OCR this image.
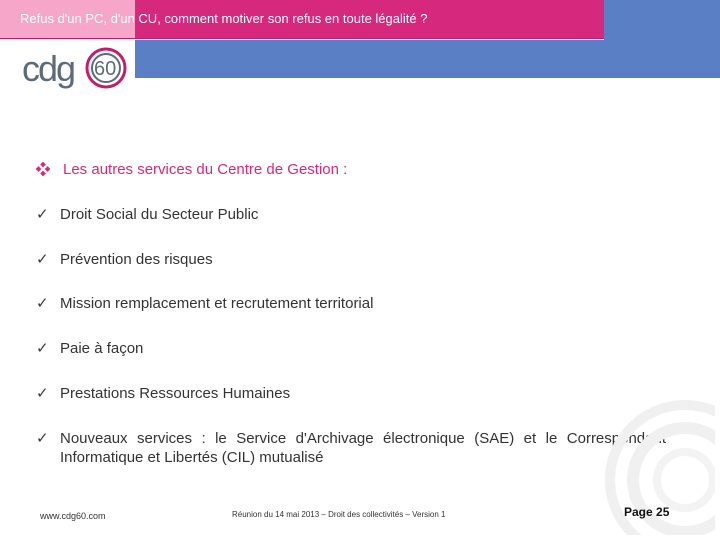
Refus d'un PC, d'un CU, comment motiver son refus en toute légalité ?
cdg 60
Les autres services du Centre de Gestion :
✓ Droit Social du Secteur Public
✓ Prévention des risques
✓ Mission remplacement et recrutement territorial
✓ Paie à façon
✓ Prestations Ressources Humaines
✓ Nouveaux services : le Service d'Archivage électronique (SAE) et le Correspondant Informatique et Libertés (CIL) mutualisé
www.cdg60.com	Réunion du 14 mai 2013 – Droit des collectivités – Version 1	Page 25
